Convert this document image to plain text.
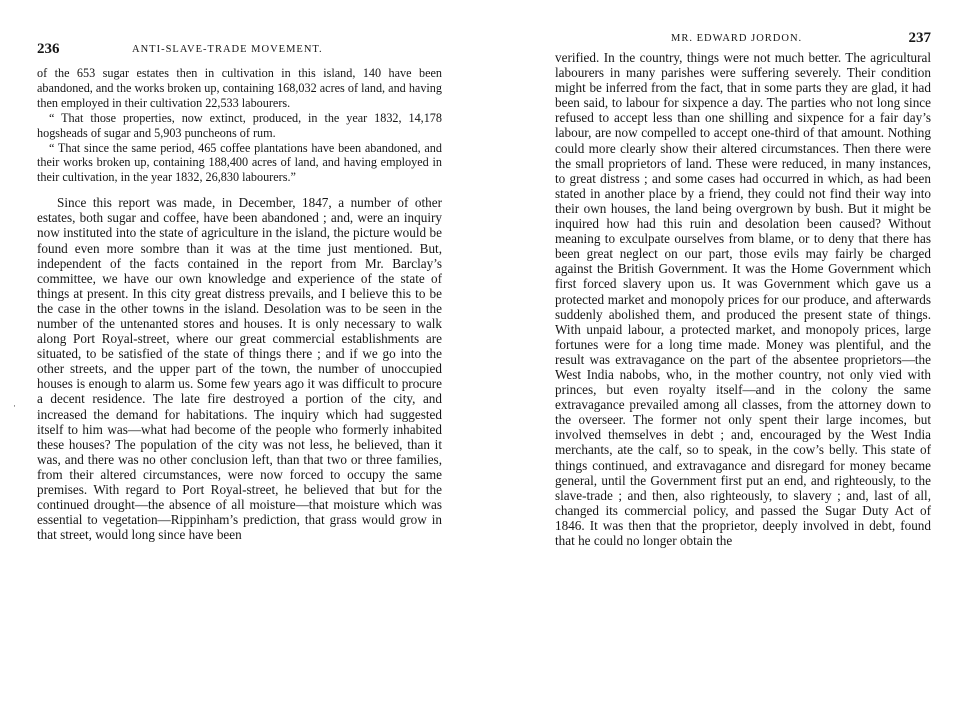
236	ANTI-SLAVE-TRADE MOVEMENT.

of the 653 sugar estates then in cultivation in this island, 140 have been abandoned, and the works broken up, containing 168,032 acres of land, and having then employed in their cultivation 22,533 labourers.

“ That those properties, now extinct, produced, in the year 1832, 14,178 hogsheads of sugar and 5,903 puncheons of rum.

“ That since the same period, 465 coffee plantations have been abandoned, and their works broken up, containing 188,400 acres of land, and having employed in their cultivation, in the year 1832, 26,830 labourers.”

Since this report was made, in December, 1847, a number of other estates, both sugar and coffee, have been abandoned ; and, were an inquiry now instituted into the state of agriculture in the island, the picture would be found even more sombre than it was at the time just mentioned. But, independent of the facts contained in the report from Mr. Barclay’s committee, we have our own knowledge and experience of the state of things at present. In this city great distress prevails, and I believe this to be the case in the other towns in the island. Desolation was to be seen in the number of the untenanted stores and houses. It is only necessary to walk along Port Royal-street, where our great commercial establishments are situated, to be satisfied of the state of things there ; and if we go into the other streets, and the upper part of the town, the number of unoccupied houses is enough to alarm us. Some few years ago it was difficult to procure a decent residence. The late fire destroyed a portion of the city, and increased the demand for habitations. The inquiry which had suggested itself to him was—what had become of the people who formerly inhabited these houses? The population of the city was not less, he believed, than it was, and there was no other conclusion left, than that two or three families, from their altered circumstances, were now forced to occupy the same premises. With regard to Port Royal-street, he believed that but for the continued drought—the absence of all moisture—that moisture which was essential to vegetation—Rippinham’s prediction, that grass would grow in that street, would long since have been

·
MR. EDWARD JORDON.	237

verified. In the country, things were not much better. The agricultural labourers in many parishes were suffering severely. Their condition might be inferred from the fact, that in some parts they are glad, it had been said, to labour for sixpence a day. The parties who not long since refused to accept less than one shilling and sixpence for a fair day’s labour, are now compelled to accept one-third of that amount. Nothing could more clearly show their altered circumstances. Then there were the small proprietors of land. These were reduced, in many instances, to great distress ; and some cases had occurred in which, as had been stated in another place by a friend, they could not find their way into their own houses, the land being overgrown by bush. But it might be inquired how had this ruin and desolation been caused? Without meaning to exculpate ourselves from blame, or to deny that there has been great neglect on our part, those evils may fairly be charged against the British Government. It was the Home Government which first forced slavery upon us. It was Government which gave us a protected market and monopoly prices for our produce, and afterwards suddenly abolished them, and produced the present state of things. With unpaid labour, a protected market, and monopoly prices, large fortunes were for a long time made. Money was plentiful, and the result was extravagance on the part of the absentee proprietors—the West India nabobs, who, in the mother country, not only vied with princes, but even royalty itself—and in the colony the same extravagance prevailed among all classes, from the attorney down to the overseer. The former not only spent their large incomes, but involved themselves in debt ; and, encouraged by the West India merchants, ate the calf, so to speak, in the cow’s belly. This state of things continued, and extravagance and disregard for money became general, until the Government first put an end, and righteously, to the slave-trade ; and then, also righteously, to slavery ; and, last of all, changed its commercial policy, and passed the Sugar Duty Act of 1846. It was then that the proprietor, deeply involved in debt, found that he could no longer obtain the
